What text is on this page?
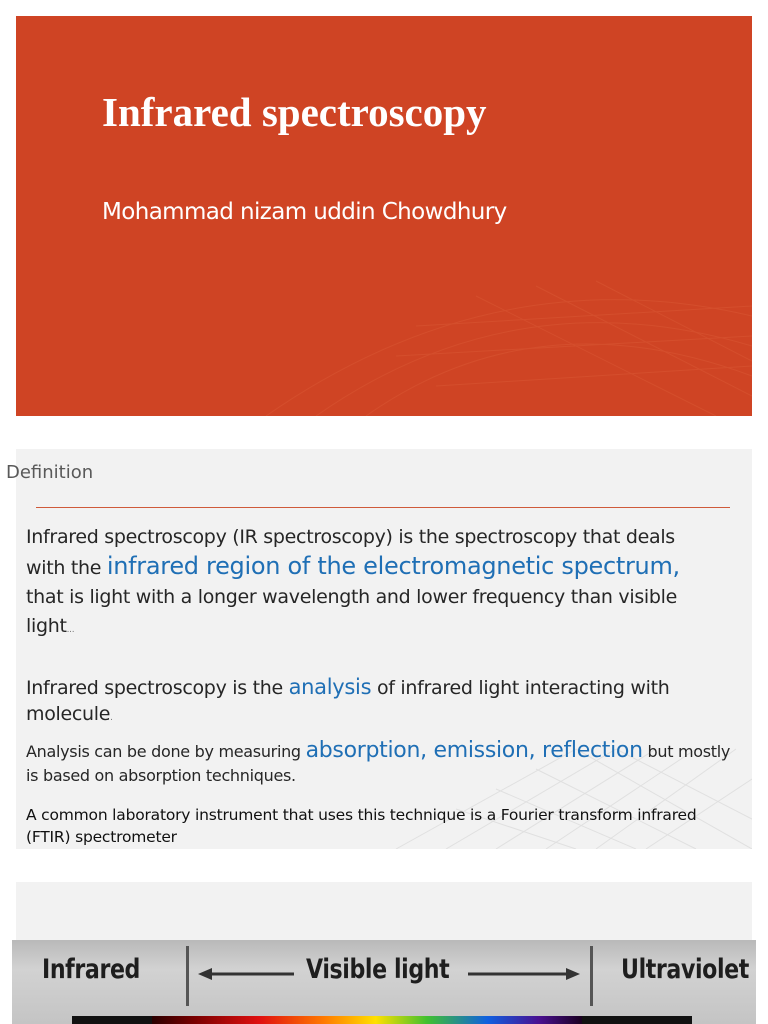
Infrared spectroscopy
Mohammad nizam uddin Chowdhury
Infrared spectroscopy (IR spectroscopy) is the spectroscopy that deals with the infrared region of the electromagnetic spectrum, that is light with a longer wavelength and lower frequency than visible light...
Infrared spectroscopy is the analysis of infrared light interacting with molecule.
Analysis can be done by measuring absorption, emission, reflection but mostly is based on absorption techniques.
A common laboratory instrument that uses this technique is a Fourier transform infrared (FTIR) spectrometer
Definition
Infrared	Visible light	Ultraviolet
